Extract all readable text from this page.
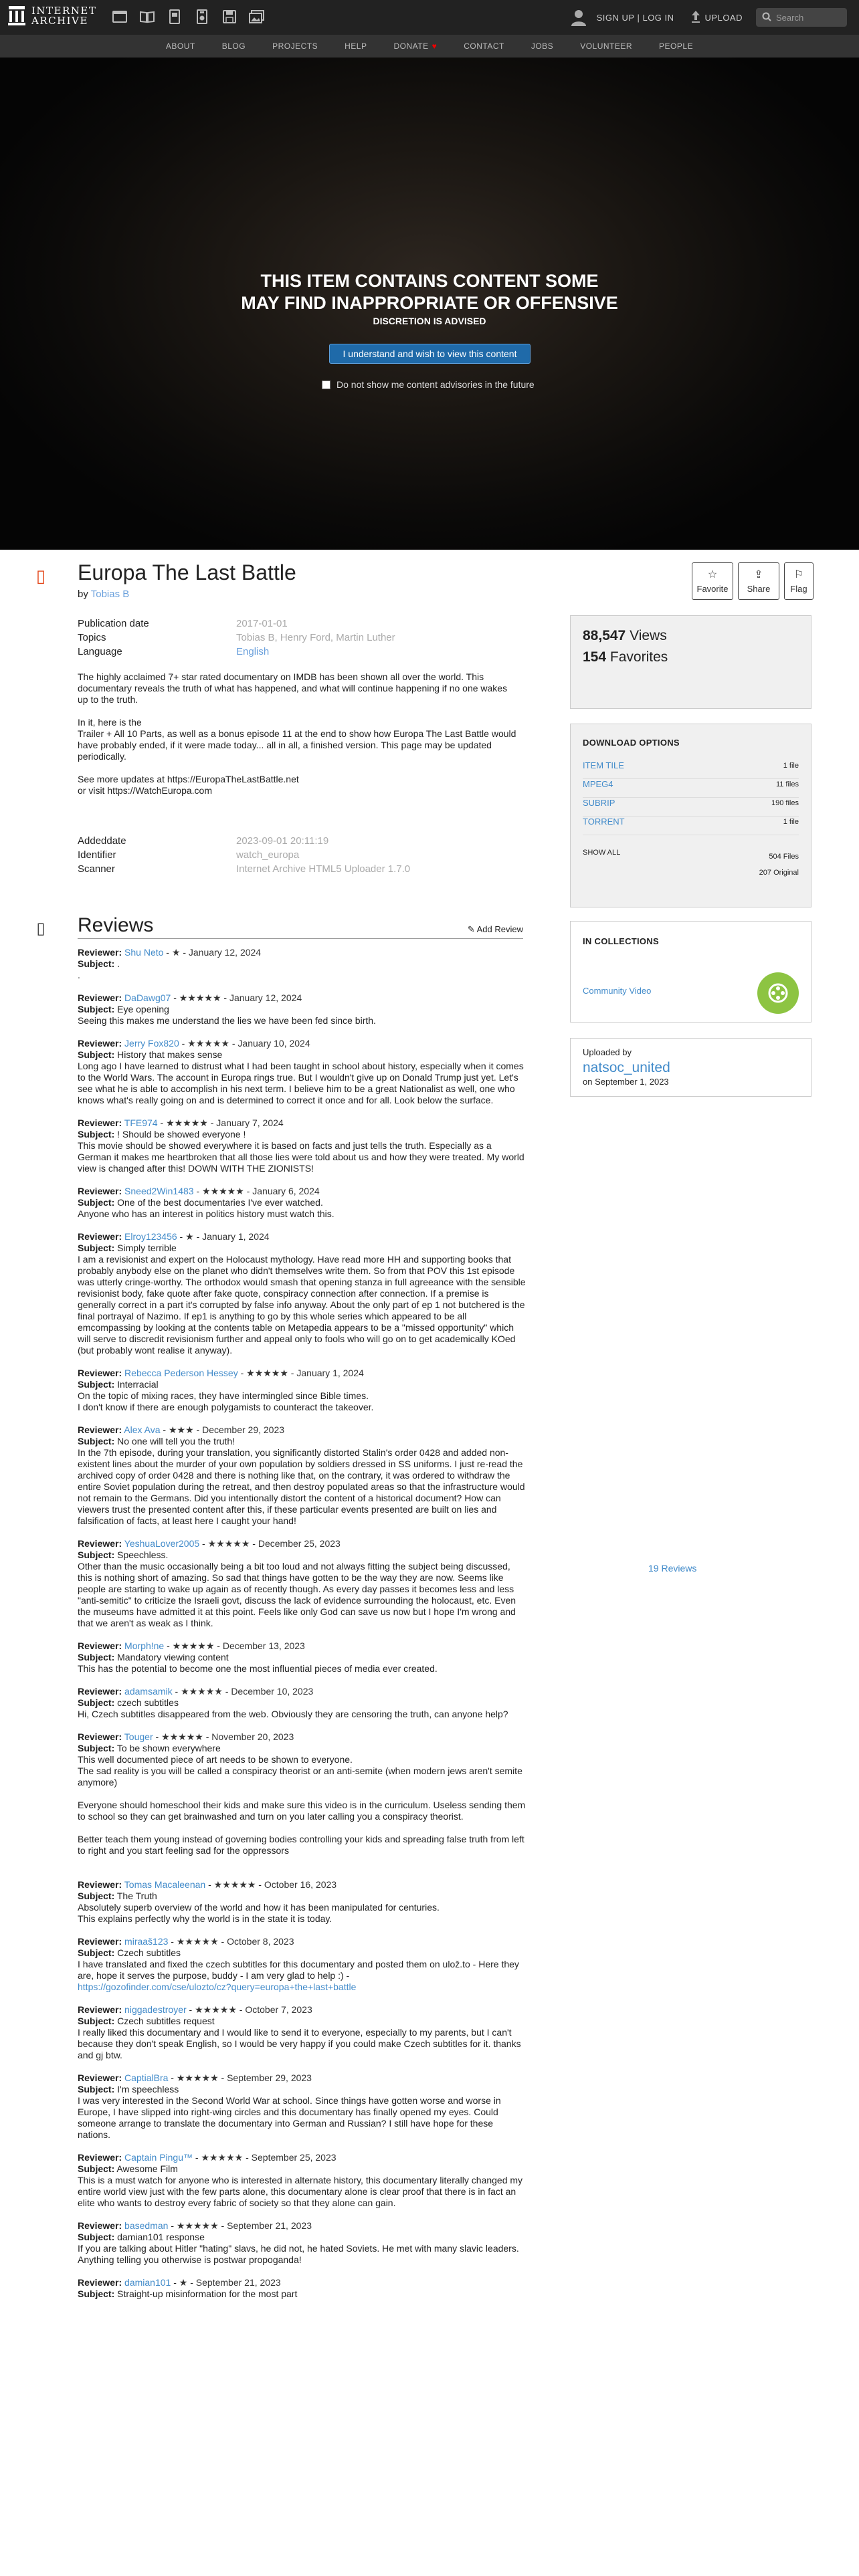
INTERNET
ARCHIVE	SIGN UP | LOG IN	UPLOAD
Search
ABOUT	BLOG	PROJECTS	HELP	DONATE ♥	CONTACT	JOBS	VOLUNTEER	PEOPLE
THIS ITEM CONTAINS CONTENT SOME
MAY FIND INAPPROPRIATE OR OFFENSIVE
DISCRETION IS ADVISED
I understand and wish to view this content
Do not show me content advisories in the future
▯ Europa The Last Battle
by Tobias B
☆
Favorite
⇪
Share
⚐
Flag
Publication date	2017-01-01
Topics	Tobias B, Henry Ford, Martin Luther
Language	English

The highly acclaimed 7+ star rated documentary on IMDB has been shown all over the world. This documentary reveals the truth of what has happened, and what will continue happening if no one wakes up to the truth.

In it, here is the
Trailer + All 10 Parts, as well as a bonus episode 11 at the end to show how Europa The Last Battle would have probably ended, if it were made today... all in all, a finished version. This page may be updated periodically.

See more updates at https://EuropaTheLastBattle.net
or visit https://WatchEuropa.com

Addeddate	2023-09-01 20:11:19
Identifier	watch_europa
Scanner	Internet Archive HTML5 Uploader 1.7.0
88,547 Views
154 Favorites
19 Reviews
DOWNLOAD OPTIONS
ITEM TILE	1 file
MPEG4	11 files
SUBRIP	190 files
TORRENT	1 file
SHOW ALL	504 Files
207 Original
IN COLLECTIONS
Community Video
Uploaded by
natsoc_united
on September 1, 2023
▯ Reviews	✎ Add Review
Reviewer: Shu Neto - ★ - January 12, 2024
Subject: .
.
Reviewer: DaDawg07 - ★★★★★ - January 12, 2024
Subject: Eye opening
Seeing this makes me understand the lies we have been fed since birth.
Reviewer: Jerry Fox820 - ★★★★★ - January 10, 2024
Subject: History that makes sense
Long ago I have learned to distrust what I had been taught in school about history, especially when it comes to the World Wars. The account in Europa rings true. But I wouldn't give up on Donald Trump just yet. Let's see what he is able to accomplish in his next term. I believe him to be a great Nationalist as well, one who knows what's really going on and is determined to correct it once and for all. Look below the surface.
Reviewer: TFE974 - ★★★★★ - January 7, 2024
Subject: ! Should be showed everyone !
This movie should be showed everywhere it is based on facts and just tells the truth. Especially as a German it makes me heartbroken that all those lies were told about us and how they were treated. My world view is changed after this! DOWN WITH THE ZIONISTS!
Reviewer: Sneed2Win1483 - ★★★★★ - January 6, 2024
Subject: One of the best documentaries I've ever watched.
Anyone who has an interest in politics history must watch this.
Reviewer: Elroy123456 - ★ - January 1, 2024
Subject: Simply terrible
I am a revisionist and expert on the Holocaust mythology. Have read more HH and supporting books that probably anybody else on the planet who didn't themselves write them. So from that POV this 1st episode was utterly cringe-worthy. The orthodox would smash that opening stanza in full agreeance with the sensible revisionist body, fake quote after fake quote, conspiracy connection after connection. If a premise is generally correct in a part it's corrupted by false info anyway. About the only part of ep 1 not butchered is the final portrayal of Nazimo. If ep1 is anything to go by this whole series which appeared to be all emcompassing by looking at the contents table on Metapedia appears to be a "missed opportunity" which will serve to discredit revisionism further and appeal only to fools who will go on to get academically KOed (but probably wont realise it anyway).
Reviewer: Rebecca Pederson Hessey - ★★★★★ - January 1, 2024
Subject: Interracial
On the topic of mixing races, they have intermingled since Bible times.
I don't know if there are enough polygamists to counteract the takeover.
Reviewer: Alex Ava - ★★★ - December 29, 2023
Subject: No one will tell you the truth!
In the 7th episode, during your translation, you significantly distorted Stalin's order 0428 and added non-existent lines about the murder of your own population by soldiers dressed in SS uniforms. I just re-read the archived copy of order 0428 and there is nothing like that, on the contrary, it was ordered to withdraw the entire Soviet population during the retreat, and then destroy populated areas so that the infrastructure would not remain to the Germans. Did you intentionally distort the content of a historical document? How can viewers trust the presented content after this, if these particular events presented are built on lies and falsification of facts, at least here I caught your hand!
Reviewer: YeshuaLover2005 - ★★★★★ - December 25, 2023
Subject: Speechless.
Other than the music occasionally being a bit too loud and not always fitting the subject being discussed, this is nothing short of amazing. So sad that things have gotten to be the way they are now. Seems like people are starting to wake up again as of recently though. As every day passes it becomes less and less "anti-semitic" to criticize the Israeli govt, discuss the lack of evidence surrounding the holocaust, etc. Even the museums have admitted it at this point. Feels like only God can save us now but I hope I'm wrong and that we aren't as weak as I think.
Reviewer: Morph!ne - ★★★★★ - December 13, 2023
Subject: Mandatory viewing content
This has the potential to become one the most influential pieces of media ever created.
Reviewer: adamsamik - ★★★★★ - December 10, 2023
Subject: czech subtitles
Hi, Czech subtitles disappeared from the web. Obviously they are censoring the truth, can anyone help?
Reviewer: Touger - ★★★★★ - November 20, 2023
Subject: To be shown everywhere
This well documented piece of art needs to be shown to everyone.
The sad reality is you will be called a conspiracy theorist or an anti-semite (when modern jews aren't semite anymore)

Everyone should homeschool their kids and make sure this video is in the curriculum. Useless sending them to school so they can get brainwashed and turn on you later calling you a conspiracy theorist.

Better teach them young instead of governing bodies controlling your kids and spreading false truth from left to right and you start feeling sad for the oppressors

Reviewer: Tomas Macaleenan - ★★★★★ - October 16, 2023
Subject: The Truth
Absolutely superb overview of the world and how it has been manipulated for centuries.
This explains perfectly why the world is in the state it is today.
Reviewer: miraaš123 - ★★★★★ - October 8, 2023
Subject: Czech subtitles
I have translated and fixed the czech subtitles for this documentary and posted them on ulož.to - Here they are, hope it serves the purpose, buddy - I am very glad to help :) -
https://gozofinder.com/cse/ulozto/cz?query=europa+the+last+battle
Reviewer: niggadestroyer - ★★★★★ - October 7, 2023
Subject: Czech subtitles request
I really liked this documentary and I would like to send it to everyone, especially to my parents, but I can't because they don't speak English, so I would be very happy if you could make Czech subtitles for it. thanks and gj btw.
Reviewer: CaptialBra - ★★★★★ - September 29, 2023
Subject: I'm speechless
I was very interested in the Second World War at school. Since things have gotten worse and worse in Europe, I have slipped into right-wing circles and this documentary has finally opened my eyes. Could someone arrange to translate the documentary into German and Russian? I still have hope for these nations.
Reviewer: Captain Pingu™ - ★★★★★ - September 25, 2023
Subject: Awesome Film
This is a must watch for anyone who is interested in alternate history, this documentary literally changed my entire world view just with the few parts alone, this documentary alone is clear proof that there is in fact an elite who wants to destroy every fabric of society so that they alone can gain.
Reviewer: basedman - ★★★★★ - September 21, 2023
Subject: damian101 response
If you are talking about Hitler "hating" slavs, he did not, he hated Soviets. He met with many slavic leaders. Anything telling you otherwise is postwar propoganda!
Reviewer: damian101 - ★ - September 21, 2023
Subject: Straight-up misinformation for the most part
